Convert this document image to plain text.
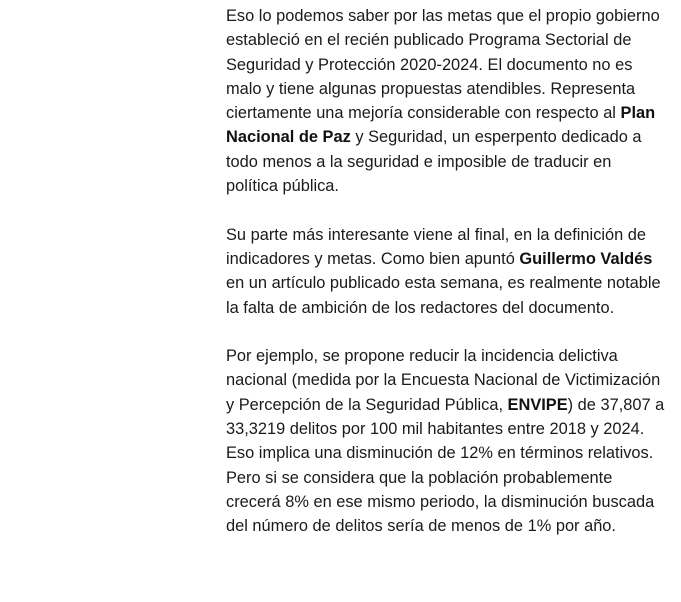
Eso lo podemos saber por las metas que el propio gobierno estableció en el recién publicado Programa Sectorial de Seguridad y Protección 2020-2024. El documento no es malo y tiene algunas propuestas atendibles. Representa ciertamente una mejoría considerable con respecto al Plan Nacional de Paz y Seguridad, un esperpento dedicado a todo menos a la seguridad e imposible de traducir en política pública.

Su parte más interesante viene al final, en la definición de indicadores y metas. Como bien apuntó Guillermo Valdés en un artículo publicado esta semana, es realmente notable la falta de ambición de los redactores del documento.

Por ejemplo, se propone reducir la incidencia delictiva nacional (medida por la Encuesta Nacional de Victimización y Percepción de la Seguridad Pública, ENVIPE) de 37,807 a 33,3219 delitos por 100 mil habitantes entre 2018 y 2024. Eso implica una disminución de 12% en términos relativos. Pero si se considera que la población probablemente crecerá 8% en ese mismo periodo, la disminución buscada del número de delitos sería de menos de 1% por año.
